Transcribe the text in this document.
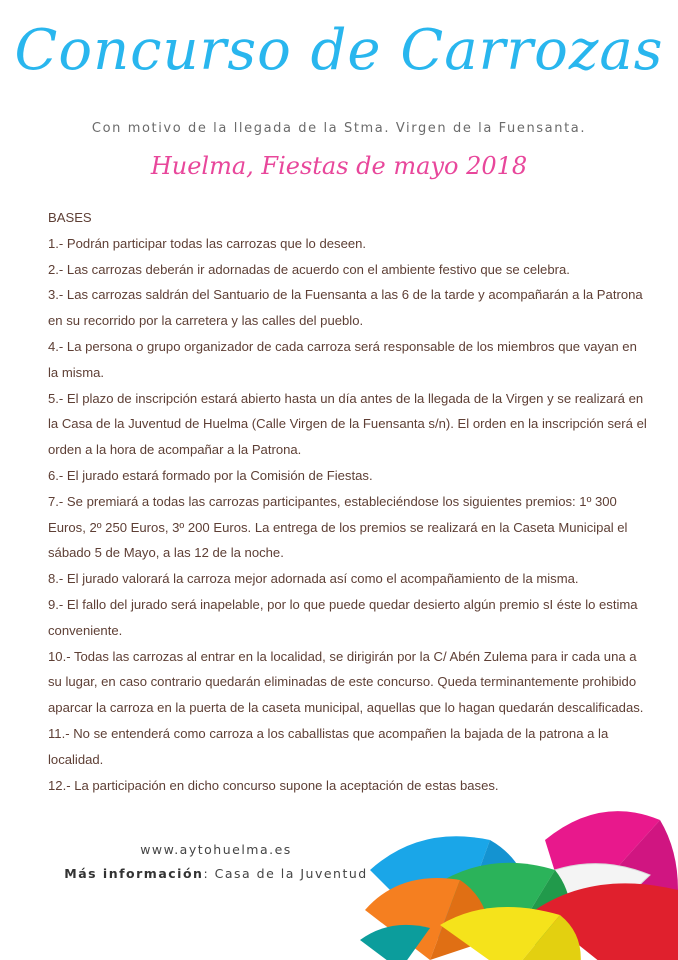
Concurso de Carrozas
Con motivo de la llegada de la Stma. Virgen de la Fuensanta.
Huelma, Fiestas de mayo 2018

BASES

1.- Podrán participar todas las carrozas que lo deseen.

2.- Las carrozas deberán ir adornadas de acuerdo con el ambiente festivo que se celebra.

3.- Las carrozas saldrán del Santuario de la Fuensanta a las 6 de la tarde y acompañarán a la Patrona en su recorrido por la carretera y las calles del pueblo.

4.- La persona o grupo organizador de cada carroza será responsable de los miembros que vayan en la misma.

5.- El plazo de inscripción estará abierto hasta un día antes de la llegada de la Virgen y se realizará en la Casa de la Juventud de Huelma (Calle Virgen de la Fuensanta s/n). El orden en la inscripción será el orden a la hora de acompañar a la Patrona.

6.- El jurado estará formado por la Comisión de Fiestas.

7.- Se premiará a todas las carrozas participantes, estableciéndose los siguientes premios: 1º 300 Euros, 2º 250 Euros, 3º 200 Euros. La entrega de los premios se realizará en la Caseta Municipal el sábado 5 de Mayo, a las 12 de la noche.

8.- El jurado valorará la carroza mejor adornada así como el acompañamiento de la misma.

9.- El fallo del jurado será inapelable, por lo que puede quedar desierto algún premio sI éste lo estima conveniente.

10.- Todas las carrozas al entrar en la localidad, se dirigirán por la C/ Abén Zulema para ir cada una a su lugar, en caso contrario quedarán eliminadas de este concurso. Queda terminantemente prohibido aparcar la carroza en la puerta de la caseta municipal, aquellas que lo hagan quedarán descalificadas.

11.- No se entenderá como carroza a los caballistas que acompañen la bajada de la patrona a la localidad.

12.- La participación en dicho concurso supone la aceptación de estas bases.

www.aytohuelma.es
Más información: Casa de la Juventud
